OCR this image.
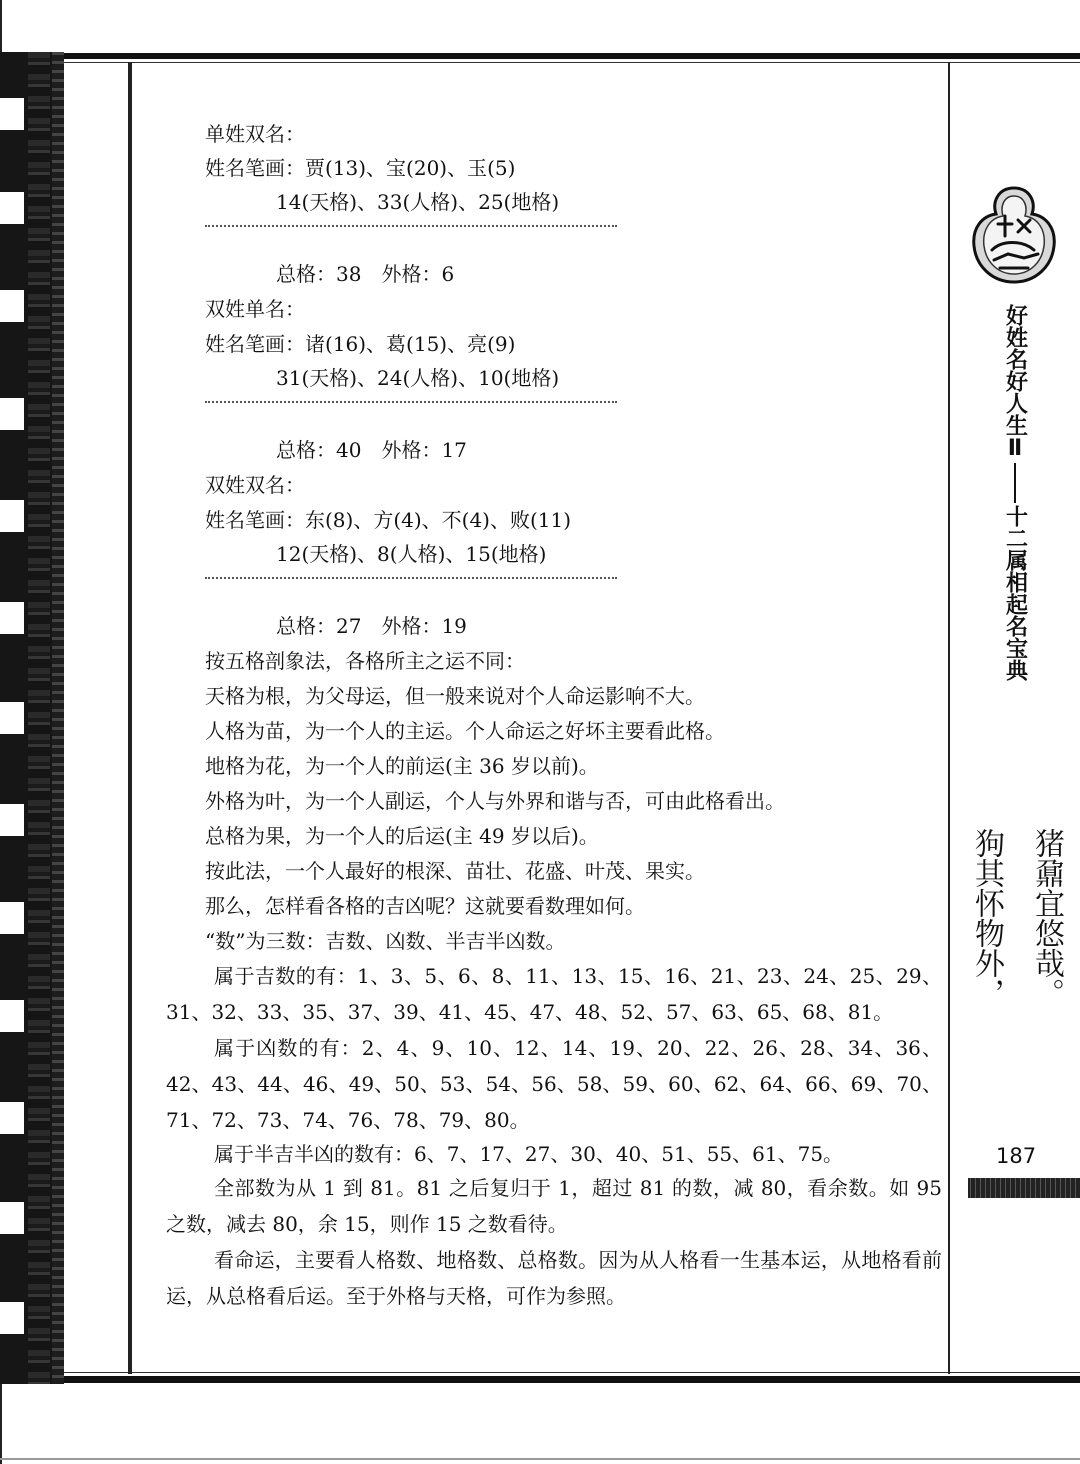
单姓双名：
姓名笔画：贾(13)、宝(20)、玉(5)
14(天格)、33(人格)、25(地格)
总格：38　外格：6
双姓单名：
姓名笔画：诸(16)、葛(15)、亮(9)
31(天格)、24(人格)、10(地格)
总格：40　外格：17
双姓双名：
姓名笔画：东(8)、方(4)、不(4)、败(11)
12(天格)、8(人格)、15(地格)
总格：27　外格：19
按五格剖象法，各格所主之运不同：
天格为根，为父母运，但一般来说对个人命运影响不大。
人格为苗，为一个人的主运。个人命运之好坏主要看此格。
地格为花，为一个人的前运(主 36 岁以前)。
外格为叶，为一个人副运，个人与外界和谐与否，可由此格看出。
总格为果，为一个人的后运(主 49 岁以后)。
按此法，一个人最好的根深、苗壮、花盛、叶茂、果实。
那么，怎样看各格的吉凶呢？这就要看数理如何。
“数”为三数：吉数、凶数、半吉半凶数。
属于吉数的有：1、3、5、6、8、11、13、15、16、21、23、24、25、29、31、32、33、35、37、39、41、45、47、48、52、57、63、65、68、81。
属于凶数的有：2、4、9、10、12、14、19、20、22、26、28、34、36、42、43、44、46、49、50、53、54、56、58、59、60、62、64、66、69、70、71、72、73、74、76、78、79、80。
属于半吉半凶的数有：6、7、17、27、30、40、51、55、61、75。
全部数为从 1 到 81。81 之后复归于 1，超过 81 的数，减 80，看余数。如 95 之数，减去 80，余 15，则作 15 之数看待。
看命运，主要看人格数、地格数、总格数。因为从人格看一生基本运，从地格看前运，从总格看后运。至于外格与天格，可作为参照。
好姓名好人生
Ⅱ
十二属相起名宝典
猪鼐宜悠哉。
狗其怀物外，
187
